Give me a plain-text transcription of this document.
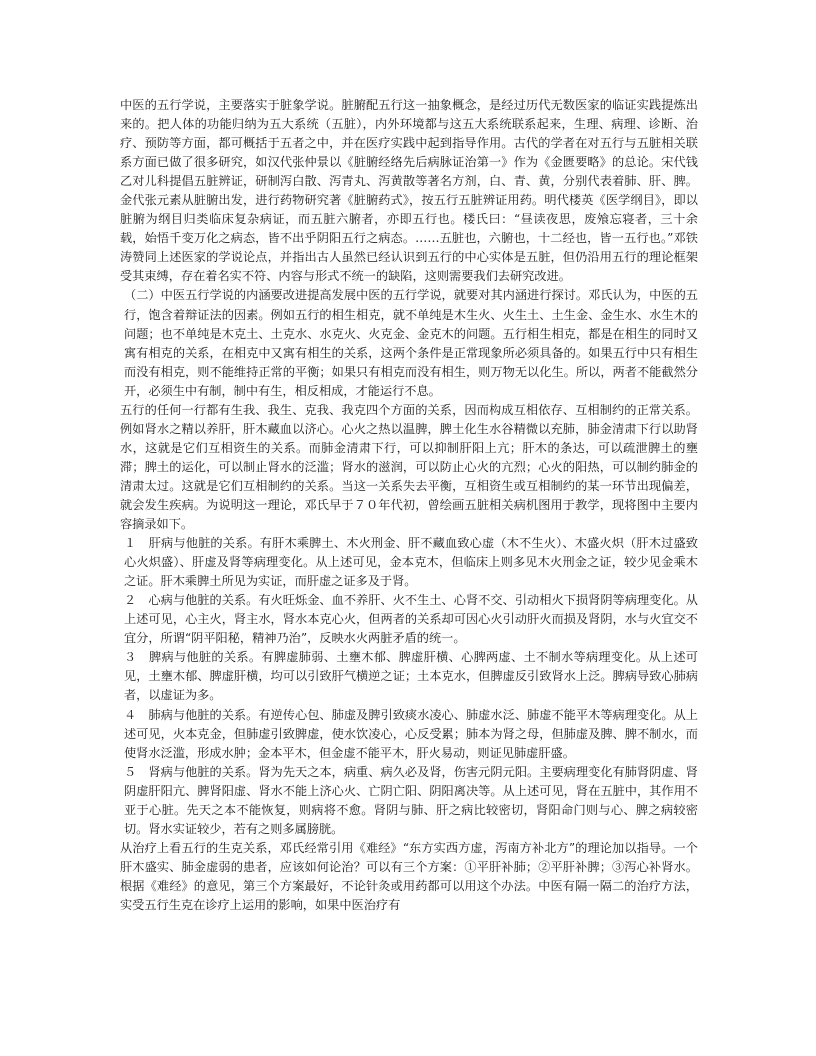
中医的五行学说，主要落实于脏象学说。脏腑配五行这一抽象概念，是经过历代无数医家的临证实践提炼出来的。把人体的功能归纳为五大系统（五脏），内外环境都与这五大系统联系起来，生理、病理、诊断、治疗、预防等方面，都可概括于五者之中，并在医疗实践中起到指导作用。古代的学者在对五行与五脏相关联系方面已做了很多研究，如汉代张仲景以《脏腑经络先后病脉证治第一》作为《金匮要略》的总论。宋代钱乙对儿科提倡五脏辨证，研制泻白散、泻青丸、泻黄散等著名方剂，白、青、黄，分别代表着肺、肝、脾。金代张元素从脏腑出发，进行药物研究著《脏腑药式》，按五行五脏辨证用药。明代楼英《医学纲目》，即以脏腑为纲目归类临床复杂病证，而五脏六腑者，亦即五行也。楼氏曰：“昼读夜思，废飧忘寝者，三十余载，始悟千变万化之病态，皆不出乎阴阳五行之病态。……五脏也，六腑也，十二经也，皆一五行也。”邓铁涛赞同上述医家的学说论点，并指出古人虽然已经认识到五行的中心实体是五脏，但仍沿用五行的理论框架受其束缚，存在着名实不符、内容与形式不统一的缺陷，这则需要我们去研究改进。

（二）中医五行学说的内涵要改进提高发展中医的五行学说，就要对其内涵进行探讨。邓氏认为，中医的五行，饱含着辩证法的因素。例如五行的相生相克，就不单纯是木生火、火生土、土生金、金生水、水生木的问题；也不单纯是木克土、土克水、水克火、火克金、金克木的问题。五行相生相克，都是在相生的同时又寓有相克的关系，在相克中又寓有相生的关系，这两个条件是正常现象所必须具备的。如果五行中只有相生而没有相克，则不能维持正常的平衡；如果只有相克而没有相生，则万物无以化生。所以，两者不能截然分开，必须生中有制，制中有生，相反相成，才能运行不息。

五行的任何一行都有生我、我生、克我、我克四个方面的关系，因而构成互相依存、互相制约的正常关系。例如肾水之精以养肝，肝木藏血以济心。心火之热以温脾，脾土化生水谷精微以充肺，肺金清肃下行以助肾水，这就是它们互相资生的关系。而肺金清肃下行，可以抑制肝阳上亢；肝木的条达，可以疏泄脾土的壅滞；脾土的运化，可以制止肾水的泛滥；肾水的滋润，可以防止心火的亢烈；心火的阳热，可以制约肺金的清肃太过。这就是它们互相制约的关系。当这一关系失去平衡，互相资生或互相制约的某一环节出现偏差，就会发生疾病。为说明这一理论，邓氏早于７０年代初，曾绘画五脏相关病机图用于教学，现将图中主要内容摘录如下。

１　肝病与他脏的关系。有肝木乘脾土、木火刑金、肝不藏血致心虚（木不生火）、木盛火炽（肝木过盛致心火炽盛）、肝虚及肾等病理变化。从上述可见，金本克木，但临床上则多见木火刑金之证，较少见金乘木之证。肝木乘脾土所见为实证，而肝虚之证多及于肾。

２　心病与他脏的关系。有火旺烁金、血不养肝、火不生土、心肾不交、引动相火下损肾阴等病理变化。从上述可见，心主火，肾主水，肾水本克心火，但两者的关系却可因心火引动肝火而损及肾阴，水与火宜交不宜分，所谓“阴平阳秘，精神乃治”，反映水火两脏矛盾的统一。

３　脾病与他脏的关系。有脾虚肺弱、土壅木郁、脾虚肝横、心脾两虚、土不制水等病理变化。从上述可见，土壅木郁、脾虚肝横，均可以引致肝气横逆之证；土本克水，但脾虚反引致肾水上泛。脾病导致心肺病者，以虚证为多。

４　肺病与他脏的关系。有逆传心包、肺虚及脾引致痰水凌心、肺虚水泛、肺虚不能平木等病理变化。从上述可见，火本克金，但肺虚引致脾虚，使水饮凌心，心反受累；肺本为肾之母，但肺虚及脾、脾不制水，而使肾水泛滥，形成水肿；金本平木，但金虚不能平木，肝火易动，则证见肺虚肝盛。

５　肾病与他脏的关系。肾为先天之本，病重、病久必及肾，伤害元阴元阳。主要病理变化有肺肾阴虚、肾阴虚肝阳亢、脾肾阳虚、肾水不能上济心火、亡阴亡阳、阴阳离决等。从上述可见，肾在五脏中，其作用不亚于心脏。先天之本不能恢复，则病将不愈。肾阴与肺、肝之病比较密切，肾阳命门则与心、脾之病较密切。肾水实证较少，若有之则多属膀胱。

从治疗上看五行的生克关系，邓氏经常引用《难经》“东方实西方虚，泻南方补北方”的理论加以指导。一个肝木盛实、肺金虚弱的患者，应该如何论治？可以有三个方案：①平肝补肺；②平肝补脾；③泻心补肾水。根据《难经》的意见，第三个方案最好，不论针灸或用药都可以用这个办法。中医有隔一隔二的治疗方法，实受五行生克在诊疗上运用的影响，如果中医治疗有
